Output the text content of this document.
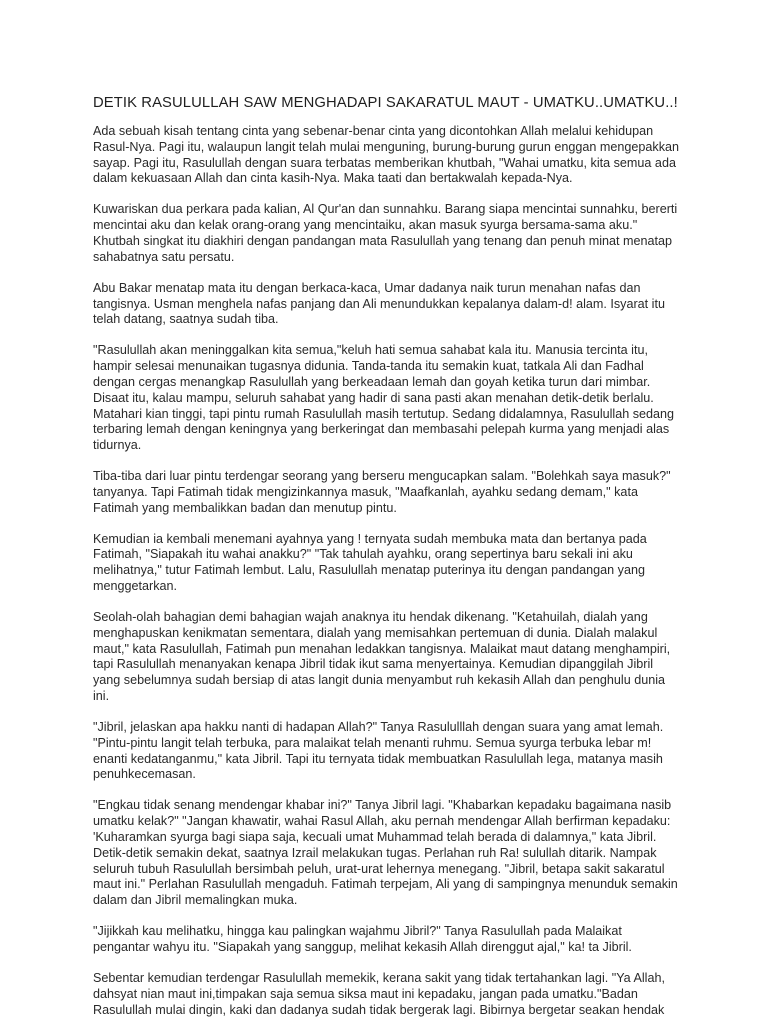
DETIK RASULULLAH SAW MENGHADAPI SAKARATUL MAUT - UMATKU..UMATKU..!
Ada sebuah kisah tentang cinta yang sebenar-benar cinta yang dicontohkan Allah melalui kehidupan
Rasul-Nya. Pagi itu, walaupun langit telah mulai menguning, burung-burung gurun enggan mengepakkan
sayap. Pagi itu, Rasulullah dengan suara terbatas memberikan khutbah, "Wahai umatku, kita semua ada
dalam kekuasaan Allah dan cinta kasih-Nya. Maka taati dan bertakwalah kepada-Nya.
Kuwariskan dua perkara pada kalian, Al Qur'an dan sunnahku. Barang siapa mencintai sunnahku, bererti
mencintai aku dan kelak orang-orang yang mencintaiku, akan masuk syurga bersama-sama aku."
Khutbah singkat itu diakhiri dengan pandangan mata Rasulullah yang tenang dan penuh minat menatap
sahabatnya satu persatu.
Abu Bakar menatap mata itu dengan berkaca-kaca, Umar dadanya naik turun menahan nafas dan
tangisnya. Usman menghela nafas panjang dan Ali menundukkan kepalanya dalam-d! alam. Isyarat itu
telah datang, saatnya sudah tiba.
"Rasulullah akan meninggalkan kita semua,"keluh hati semua sahabat kala itu. Manusia tercinta itu,
hampir selesai menunaikan tugasnya didunia. Tanda-tanda itu semakin kuat, tatkala Ali dan Fadhal
dengan cergas menangkap Rasulullah yang berkeadaan lemah dan goyah ketika turun dari mimbar.
Disaat itu, kalau mampu, seluruh sahabat yang hadir di sana pasti akan menahan detik-detik berlalu.
Matahari kian tinggi, tapi pintu rumah Rasulullah masih tertutup. Sedang didalamnya, Rasulullah sedang
terbaring lemah dengan keningnya yang berkeringat dan membasahi pelepah kurma yang menjadi alas
tidurnya.
Tiba-tiba dari luar pintu terdengar seorang yang berseru mengucapkan salam. "Bolehkah saya masuk?"
tanyanya. Tapi Fatimah tidak mengizinkannya masuk, "Maafkanlah, ayahku sedang demam," kata
Fatimah yang membalikkan badan dan menutup pintu.
Kemudian ia kembali menemani ayahnya yang ! ternyata sudah membuka mata dan bertanya pada
Fatimah, "Siapakah itu wahai anakku?" "Tak tahulah ayahku, orang sepertinya baru sekali ini aku
melihatnya," tutur Fatimah lembut. Lalu, Rasulullah menatap puterinya itu dengan pandangan yang
menggetarkan.
Seolah-olah bahagian demi bahagian wajah anaknya itu hendak dikenang. "Ketahuilah, dialah yang
menghapuskan kenikmatan sementara, dialah yang memisahkan pertemuan di dunia. Dialah malakul
maut," kata Rasulullah, Fatimah pun menahan ledakkan tangisnya. Malaikat maut datang menghampiri,
tapi Rasulullah menanyakan kenapa Jibril tidak ikut sama menyertainya. Kemudian dipanggilah Jibril
yang sebelumnya sudah bersiap di atas langit dunia menyambut ruh kekasih Allah dan penghulu dunia
ini.
"Jibril, jelaskan apa hakku nanti di hadapan Allah?" Tanya Rasululllah dengan suara yang amat lemah.
"Pintu-pintu langit telah terbuka, para malaikat telah menanti ruhmu. Semua syurga terbuka lebar m!
enanti kedatanganmu," kata Jibril. Tapi itu ternyata tidak membuatkan Rasulullah lega, matanya masih
penuhkecemasan.
"Engkau tidak senang mendengar khabar ini?" Tanya Jibril lagi. "Khabarkan kepadaku bagaimana nasib
umatku kelak?" "Jangan khawatir, wahai Rasul Allah, aku pernah mendengar Allah berfirman kepadaku:
'Kuharamkan syurga bagi siapa saja, kecuali umat Muhammad telah berada di dalamnya," kata Jibril.
Detik-detik semakin dekat, saatnya Izrail melakukan tugas. Perlahan ruh Ra! sulullah ditarik. Nampak
seluruh tubuh Rasulullah bersimbah peluh, urat-urat lehernya menegang. "Jibril, betapa sakit sakaratul
maut ini." Perlahan Rasulullah mengaduh. Fatimah terpejam, Ali yang di sampingnya menunduk semakin
dalam dan Jibril memalingkan muka.
"Jijikkah kau melihatku, hingga kau palingkan wajahmu Jibril?" Tanya Rasulullah pada Malaikat
pengantar wahyu itu. "Siapakah yang sanggup, melihat kekasih Allah direnggut ajal," ka! ta Jibril.
Sebentar kemudian terdengar Rasulullah memekik, kerana sakit yang tidak tertahankan lagi. "Ya Allah,
dahsyat nian maut ini,timpakan saja semua siksa maut ini kepadaku, jangan pada umatku."Badan
Rasulullah mulai dingin, kaki dan dadanya sudah tidak bergerak lagi. Bibirnya bergetar seakan hendak
